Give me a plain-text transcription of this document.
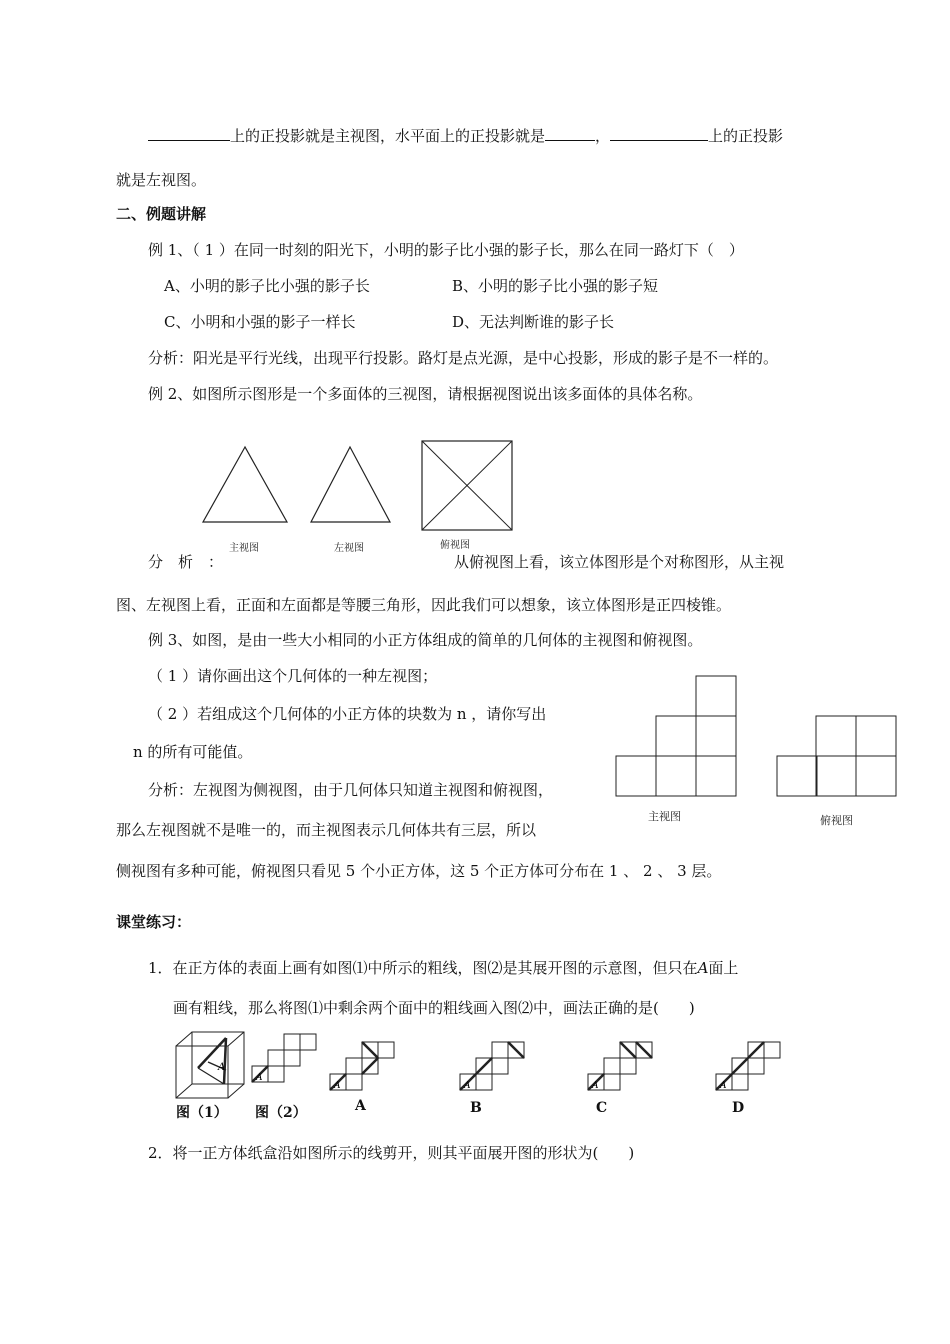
上的正投影就是主视图，水平面上的正投影就是	，	上的正投影
就是左视图。
二、例题讲解
例 1、（ 1 ）在同一时刻的阳光下，小明的影子比小强的影子长，那么在同一路灯下（　）
A、小明的影子比小强的影子长	B、小明的影子比小强的影子短
C、小明和小强的影子一样长	D、无法判断谁的影子长
分析：阳光是平行光线，出现平行投影。路灯是点光源，是中心投影，形成的影子是不一样的。
例 2、如图所示图形是一个多面体的三视图，请根据视图说出该多面体的具体名称。
主视图	左视图	俯视图
分　析　：	从俯视图上看，该立体图形是个对称图形，从主视
图、左视图上看，正面和左面都是等腰三角形，因此我们可以想象，该立体图形是正四棱锥。
例 3、如图，是由一些大小相同的小正方体组成的简单的几何体的主视图和俯视图。
（ 1 ）请你画出这个几何体的一种左视图；
（ 2 ）若组成这个几何体的小正方体的块数为 n ，请你写出
n 的所有可能值。
分析：左视图为侧视图，由于几何体只知道主视图和俯视图，
那么左视图就不是唯一的，而主视图表示几何体共有三层，所以
侧视图有多种可能，俯视图只看见 5 个小正方体，这 5 个正方体可分布在 1 、 2 、 3 层。
主视图	俯视图
课堂练习：
1．在正方体的表面上画有如图⑴中所示的粗线，图⑵是其展开图的示意图，但只在A面上
画有粗线，那么将图⑴中剩余两个面中的粗线画入图⑵中，画法正确的是(　　)
A
A
A	A	A	A
图（1） 图（2）	A	B	C	D
2．将一正方体纸盒沿如图所示的线剪开，则其平面展开图的形状为(　　)
